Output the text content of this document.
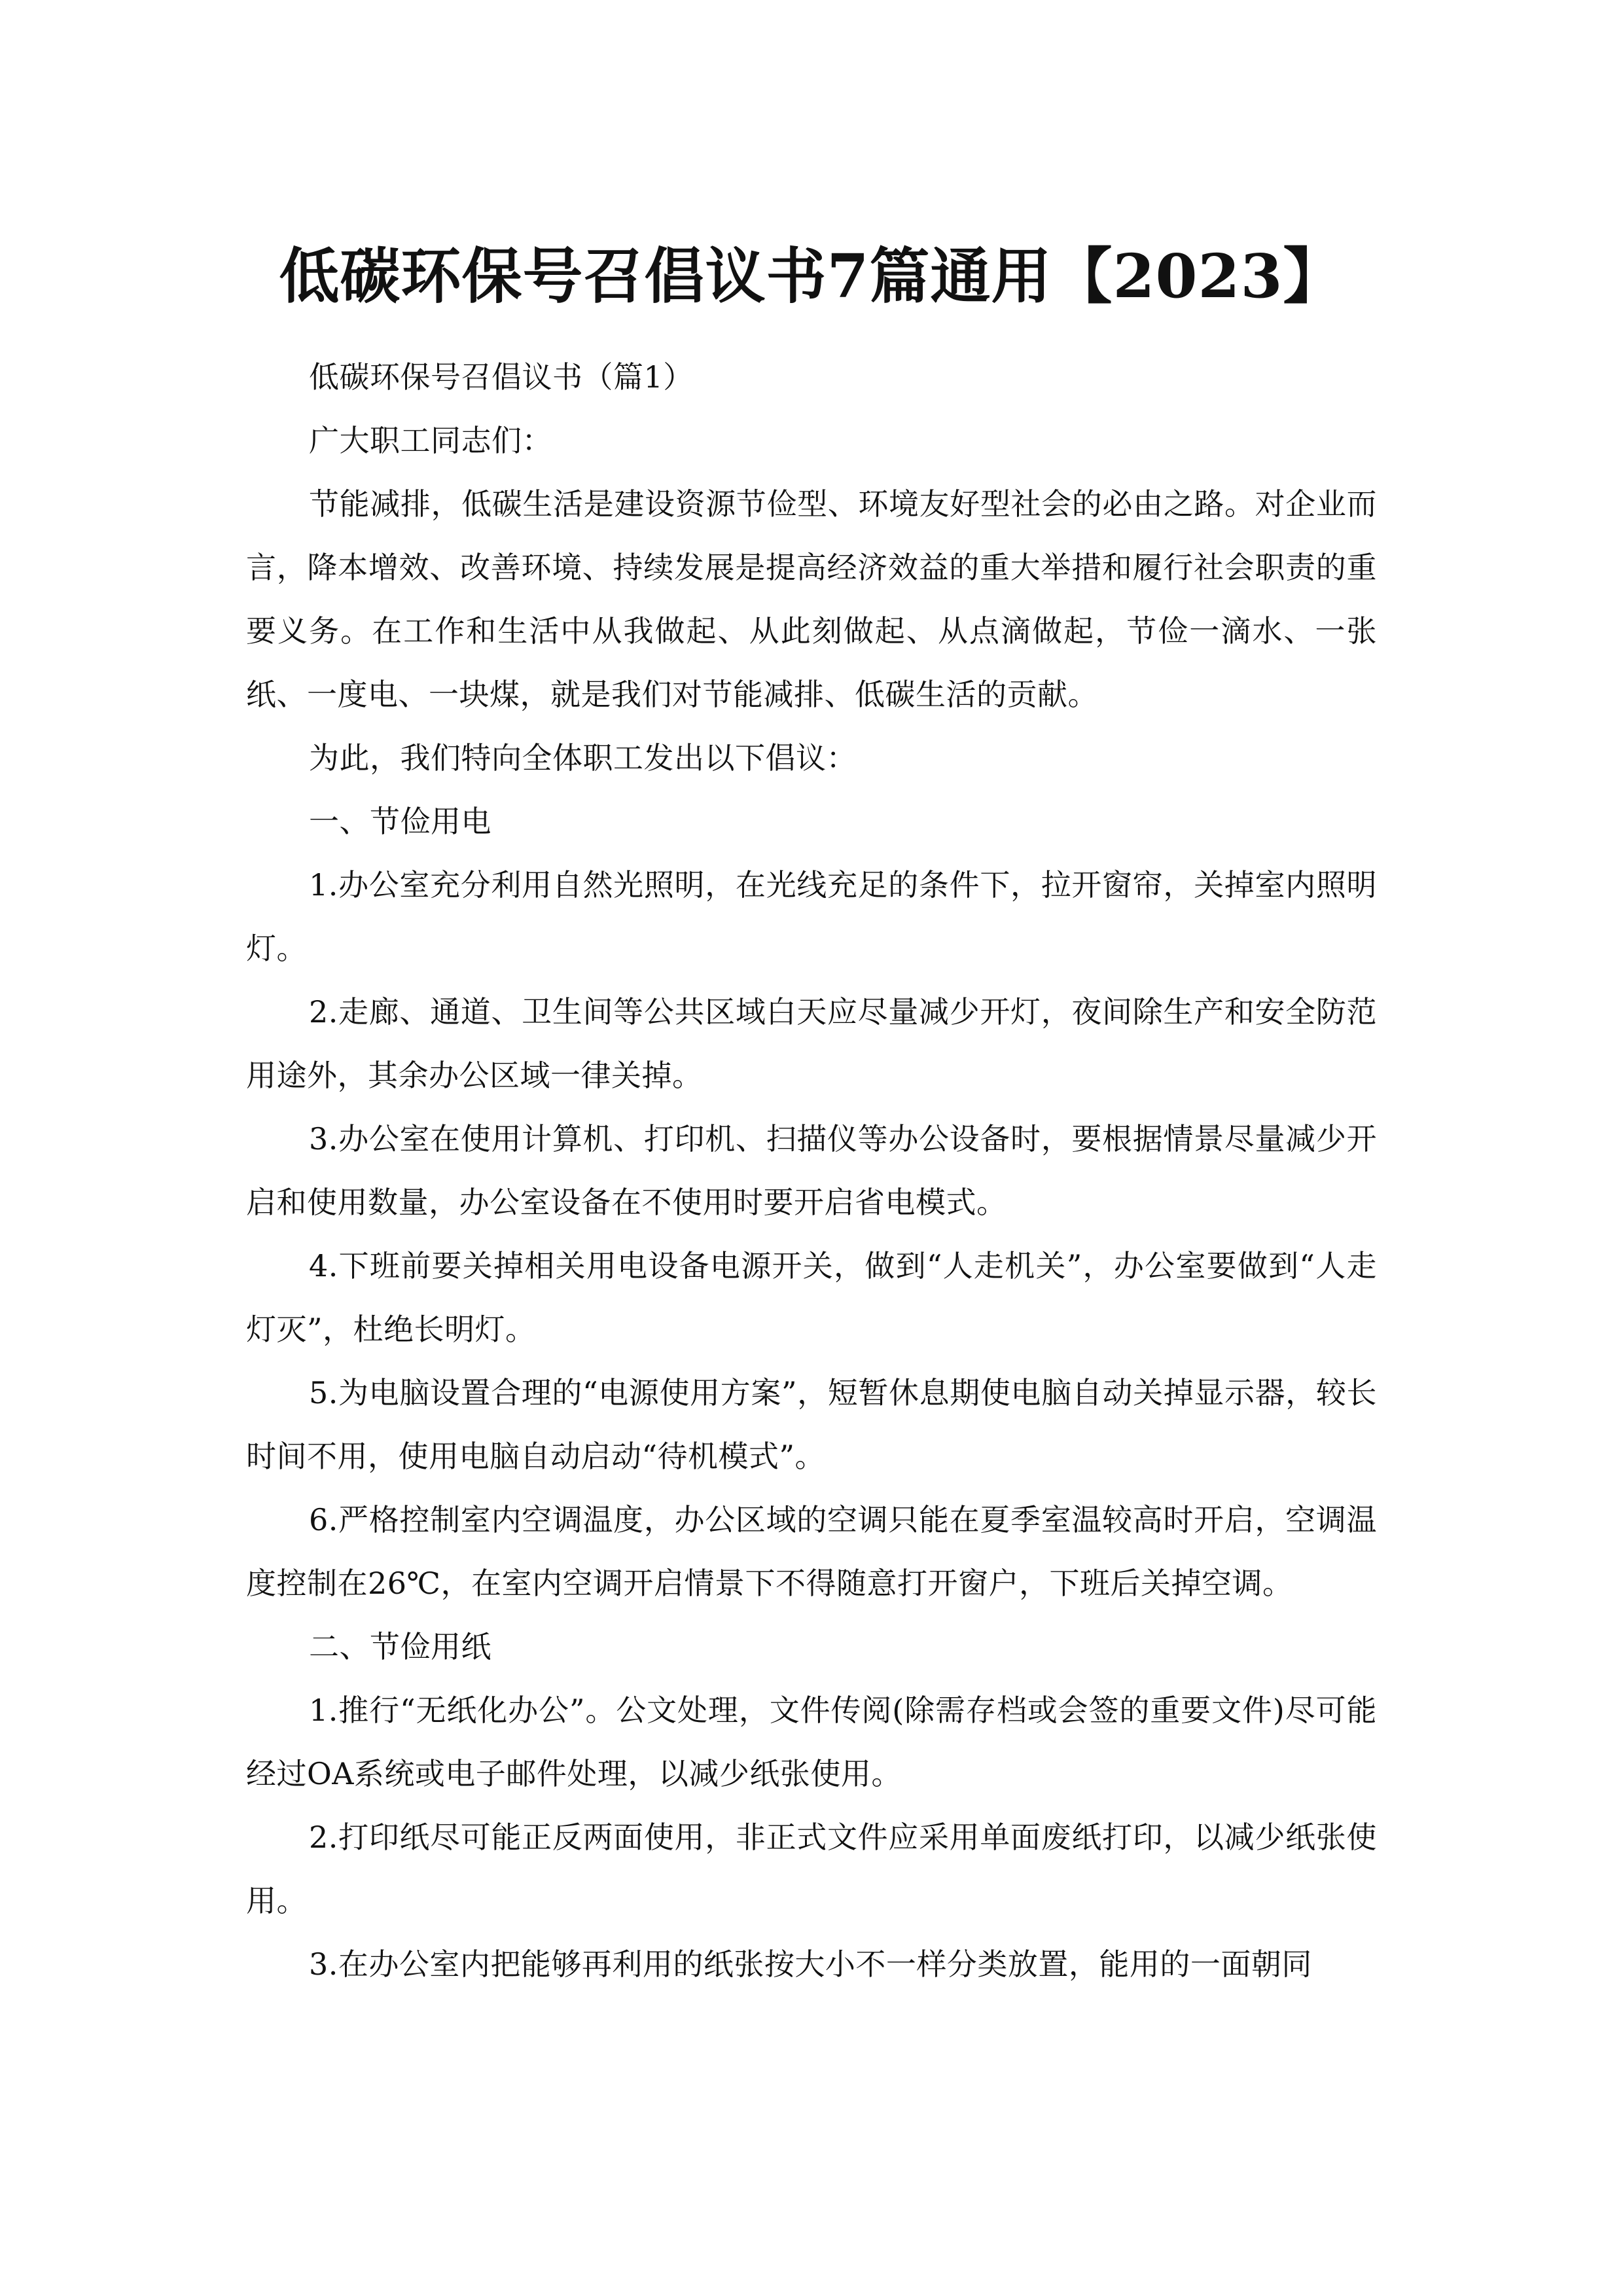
低碳环保号召倡议书7篇通用【2023】

低碳环保号召倡议书（篇1）

广大职工同志们：

节能减排，低碳生活是建设资源节俭型、环境友好型社会的必由之路。对企业而言，降本增效、改善环境、持续发展是提高经济效益的重大举措和履行社会职责的重要义务。在工作和生活中从我做起、从此刻做起、从点滴做起，节俭一滴水、一张纸、一度电、一块煤，就是我们对节能减排、低碳生活的贡献。

为此，我们特向全体职工发出以下倡议：

一、节俭用电

1.办公室充分利用自然光照明，在光线充足的条件下，拉开窗帘，关掉室内照明灯。

2.走廊、通道、卫生间等公共区域白天应尽量减少开灯，夜间除生产和安全防范用途外，其余办公区域一律关掉。

3.办公室在使用计算机、打印机、扫描仪等办公设备时，要根据情景尽量减少开启和使用数量，办公室设备在不使用时要开启省电模式。

4.下班前要关掉相关用电设备电源开关，做到“人走机关”，办公室要做到“人走灯灭”，杜绝长明灯。

5.为电脑设置合理的“电源使用方案”，短暂休息期使电脑自动关掉显示器，较长时间不用，使用电脑自动启动“待机模式”。

6.严格控制室内空调温度，办公区域的空调只能在夏季室温较高时开启，空调温度控制在26℃，在室内空调开启情景下不得随意打开窗户，下班后关掉空调。

二、节俭用纸

1.推行“无纸化办公”。公文处理，文件传阅(除需存档或会签的重要文件)尽可能经过OA系统或电子邮件处理，以减少纸张使用。

2.打印纸尽可能正反两面使用，非正式文件应采用单面废纸打印，以减少纸张使用。

3.在办公室内把能够再利用的纸张按大小不一样分类放置，能用的一面朝同
